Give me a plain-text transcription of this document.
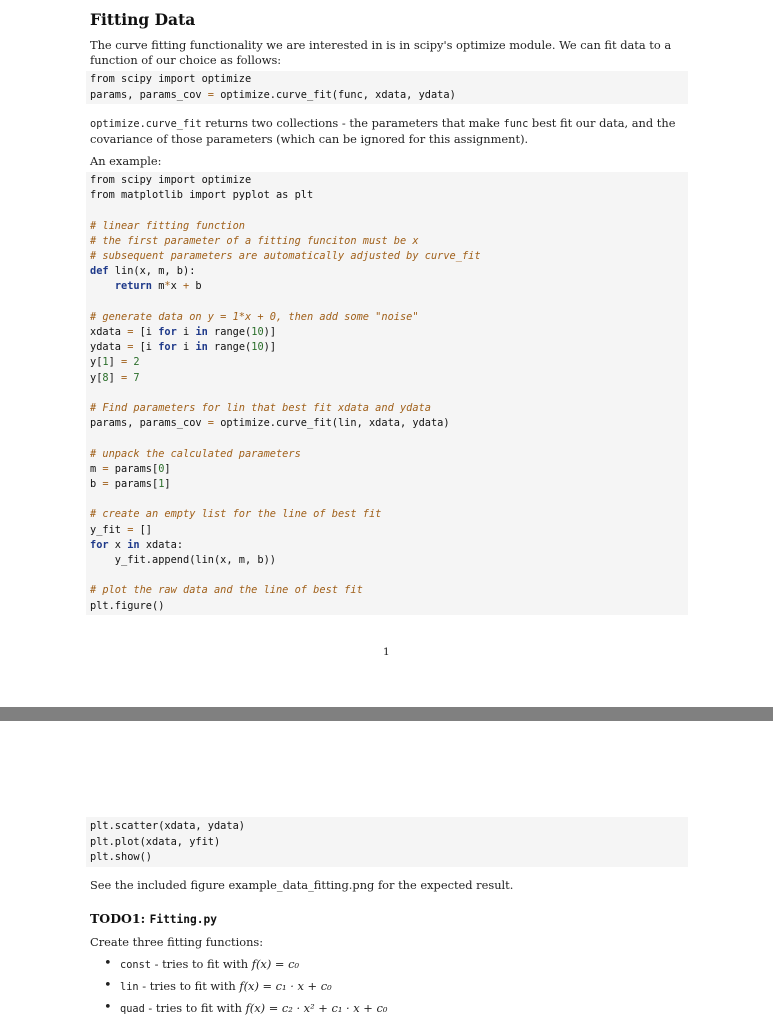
Fitting Data
The curve fitting functionality we are interested in is in scipy's optimize module. We can fit data to a function of our choice as follows:
from scipy import optimize
params, params_cov = optimize.curve_fit(func, xdata, ydata)
optimize.curve_fit returns two collections - the parameters that make func best fit our data, and the covariance of those parameters (which can be ignored for this assignment).
An example:
from scipy import optimize
from matplotlib import pyplot as plt
# linear fitting function
# the first parameter of a fitting funciton must be x
# subsequent parameters are automatically adjusted by curve_fit
def lin(x, m, b):
return m*x + b
# generate data on y = 1*x + 0, then add some "noise"
xdata = [i for i in range(10)]
ydata = [i for i in range(10)]
y[1] = 2
y[8] = 7
# Find parameters for lin that best fit xdata and ydata
params, params_cov = optimize.curve_fit(lin, xdata, ydata)
# unpack the calculated parameters
m = params[0]
b = params[1]
# create an empty list for the line of best fit
y_fit = []
for x in xdata:
y_fit.append(lin(x, m, b))
# plot the raw data and the line of best fit
plt.figure()
1
plt.scatter(xdata, ydata)
plt.plot(xdata, yfit)
plt.show()
See the included figure example_data_fitting.png for the expected result.
TODO1: Fitting.py
Create three fitting functions:
• const - tries to fit with f(x) = c₀
• lin - tries to fit with f(x) = c₁ · x + c₀
• quad - tries to fit with f(x) = c₂ · x² + c₁ · x + c₀
